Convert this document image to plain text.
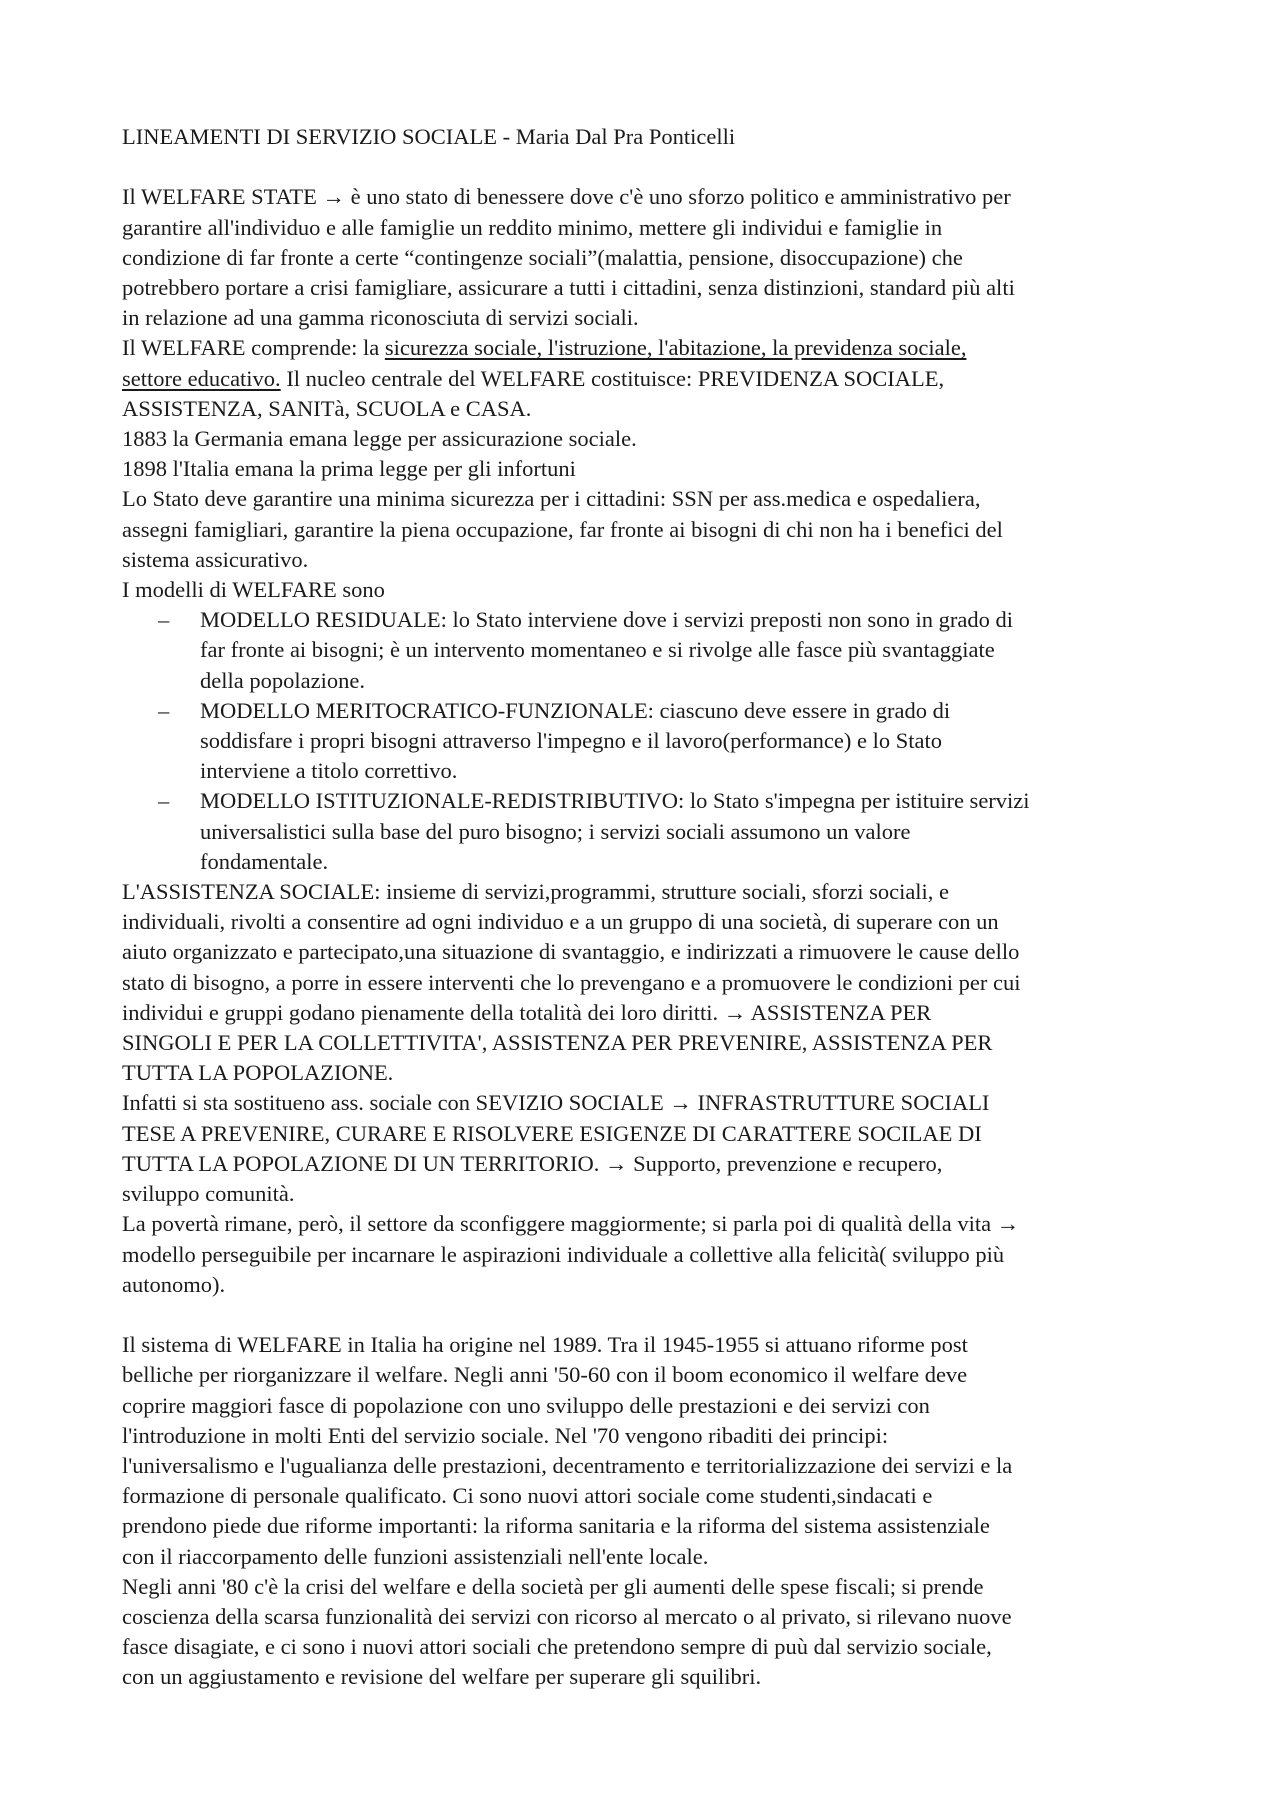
LINEAMENTI DI SERVIZIO SOCIALE - Maria Dal Pra Ponticelli
Il WELFARE STATE → è uno stato di benessere dove c'è uno sforzo politico e amministrativo per
garantire all'individuo e alle famiglie un reddito minimo, mettere gli individui e famiglie in
condizione di far fronte a certe “contingenze sociali”(malattia, pensione, disoccupazione) che
potrebbero portare a crisi famigliare, assicurare a tutti i cittadini, senza distinzioni, standard più alti
in relazione ad una gamma riconosciuta di servizi sociali.
Il WELFARE comprende: la sicurezza sociale, l'istruzione, l'abitazione, la previdenza sociale,
settore educativo. Il nucleo centrale del WELFARE costituisce: PREVIDENZA SOCIALE,
ASSISTENZA, SANITà, SCUOLA e CASA.
1883 la Germania emana legge per assicurazione sociale.
1898 l'Italia emana la prima legge per gli infortuni
Lo Stato deve garantire una minima sicurezza per i cittadini: SSN per ass.medica e ospedaliera,
assegni famigliari, garantire la piena occupazione, far fronte ai bisogni di chi non ha i benefici del
sistema assicurativo.
I modelli di WELFARE sono
– MODELLO RESIDUALE: lo Stato interviene dove i servizi preposti non sono in grado di
far fronte ai bisogni; è un intervento momentaneo e si rivolge alle fasce più svantaggiate
della popolazione.
– MODELLO MERITOCRATICO-FUNZIONALE: ciascuno deve essere in grado di
soddisfare i propri bisogni attraverso l'impegno e il lavoro(performance) e lo Stato
interviene a titolo correttivo.
– MODELLO ISTITUZIONALE-REDISTRIBUTIVO: lo Stato s'impegna per istituire servizi
universalistici sulla base del puro bisogno; i servizi sociali assumono un valore
fondamentale.
L'ASSISTENZA SOCIALE: insieme di servizi,programmi, strutture sociali, sforzi sociali, e
individuali, rivolti a consentire ad ogni individuo e a un gruppo di una società, di superare con un
aiuto organizzato e partecipato,una situazione di svantaggio, e indirizzati a rimuovere le cause dello
stato di bisogno, a porre in essere interventi che lo prevengano e a promuovere le condizioni per cui
individui e gruppi godano pienamente della totalità dei loro diritti. → ASSISTENZA PER
SINGOLI E PER LA COLLETTIVITA', ASSISTENZA PER PREVENIRE, ASSISTENZA PER
TUTTA LA POPOLAZIONE.
Infatti si sta sostitueno ass. sociale con SEVIZIO SOCIALE → INFRASTRUTTURE SOCIALI
TESE A PREVENIRE, CURARE E RISOLVERE ESIGENZE DI CARATTERE SOCILAE DI
TUTTA LA POPOLAZIONE DI UN TERRITORIO. → Supporto, prevenzione e recupero,
sviluppo comunità.
La povertà rimane, però, il settore da sconfiggere maggiormente; si parla poi di qualità della vita →
modello perseguibile per incarnare le aspirazioni individuale a collettive alla felicità( sviluppo più
autonomo).
Il sistema di WELFARE in Italia ha origine nel 1989. Tra il 1945-1955 si attuano riforme post
belliche per riorganizzare il welfare. Negli anni '50-60 con il boom economico il welfare deve
coprire maggiori fasce di popolazione con uno sviluppo delle prestazioni e dei servizi con
l'introduzione in molti Enti del servizio sociale. Nel '70 vengono ribaditi dei principi:
l'universalismo e l'ugualianza delle prestazioni, decentramento e territorializzazione dei servizi e la
formazione di personale qualificato. Ci sono nuovi attori sociale come studenti,sindacati e
prendono piede due riforme importanti: la riforma sanitaria e la riforma del sistema assistenziale
con il riaccorpamento delle funzioni assistenziali nell'ente locale.
Negli anni '80 c'è la crisi del welfare e della società per gli aumenti delle spese fiscali; si prende
coscienza della scarsa funzionalità dei servizi con ricorso al mercato o al privato, si rilevano nuove
fasce disagiate, e ci sono i nuovi attori sociali che pretendono sempre di puù dal servizio sociale,
con un aggiustamento e revisione del welfare per superare gli squilibri.
